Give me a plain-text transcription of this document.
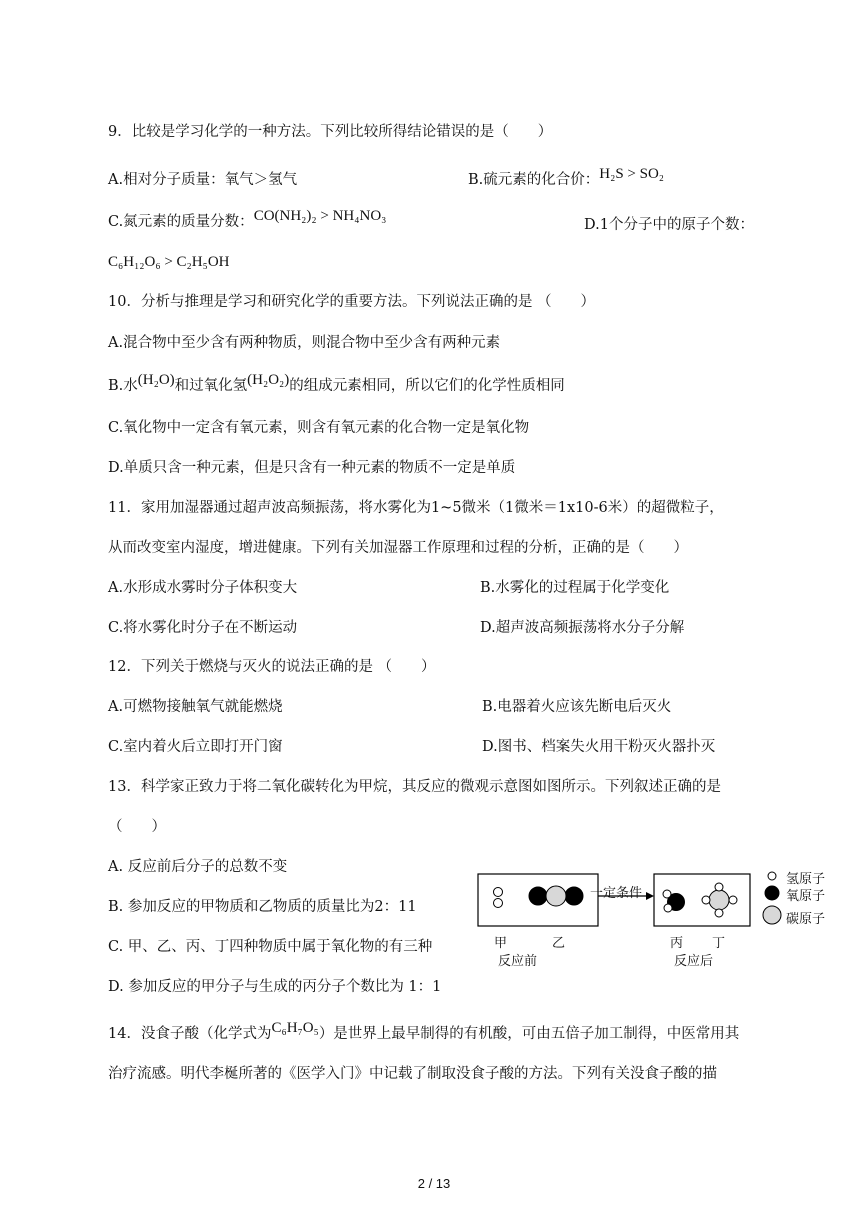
9．比较是学习化学的一种方法。下列比较所得结论错误的是（　　）
A.相对分子质量：氧气＞氢气	B.硫元素的化合价：H₂S > SO₂
C.氮元素的质量分数：CO(NH₂)₂ > NH₄NO₃
D.1个分子中的原子个数：
C₆H₁₂O₆ > C₂H₅OH
10．分析与推理是学习和研究化学的重要方法。下列说法正确的是 （　　）
A.混合物中至少含有两种物质，则混合物中至少含有两种元素
B.水(H₂O)和过氧化氢(H₂O₂)的组成元素相同，所以它们的化学性质相同
C.氧化物中一定含有氧元素，则含有氧元素的化合物一定是氧化物
D.单质只含一种元素，但是只含有一种元素的物质不一定是单质
11．家用加湿器通过超声波高频振荡，将水雾化为1~5微米（1微米＝1x10-6米）的超微粒子，
从而改变室内湿度，增进健康。下列有关加湿器工作原理和过程的分析，正确的是（　　）
A.水形成水雾时分子体积变大	B.水雾化的过程属于化学变化
C.将水雾化时分子在不断运动	D.超声波高频振荡将水分子分解
12．下列关于燃烧与灭火的说法正确的是 （　　）
A.可燃物接触氧气就能燃烧	B.电器着火应该先断电后灭火
C.室内着火后立即打开门窗	D.图书、档案失火用干粉灭火器扑灭
13．科学家正致力于将二氧化碳转化为甲烷，其反应的微观示意图如图所示。下列叙述正确的是
（　　）
A. 反应前后分子的总数不变
B. 参加反应的甲物质和乙物质的质量比为2：11
C. 甲、乙、丙、丁四种物质中属于氧化物的有三种
D. 参加反应的甲分子与生成的丙分子个数比为 1：1
一定条件
氢原子
氧原子
碳原子
甲	乙	丙 丁
反应前	反应后
14．没食子酸（化学式为C₆H₇O₅）是世界上最早制得的有机酸，可由五倍子加工制得，中医常用其
治疗流感。明代李梴所著的《医学入门》中记载了制取没食子酸的方法。下列有关没食子酸的描
2 / 13
